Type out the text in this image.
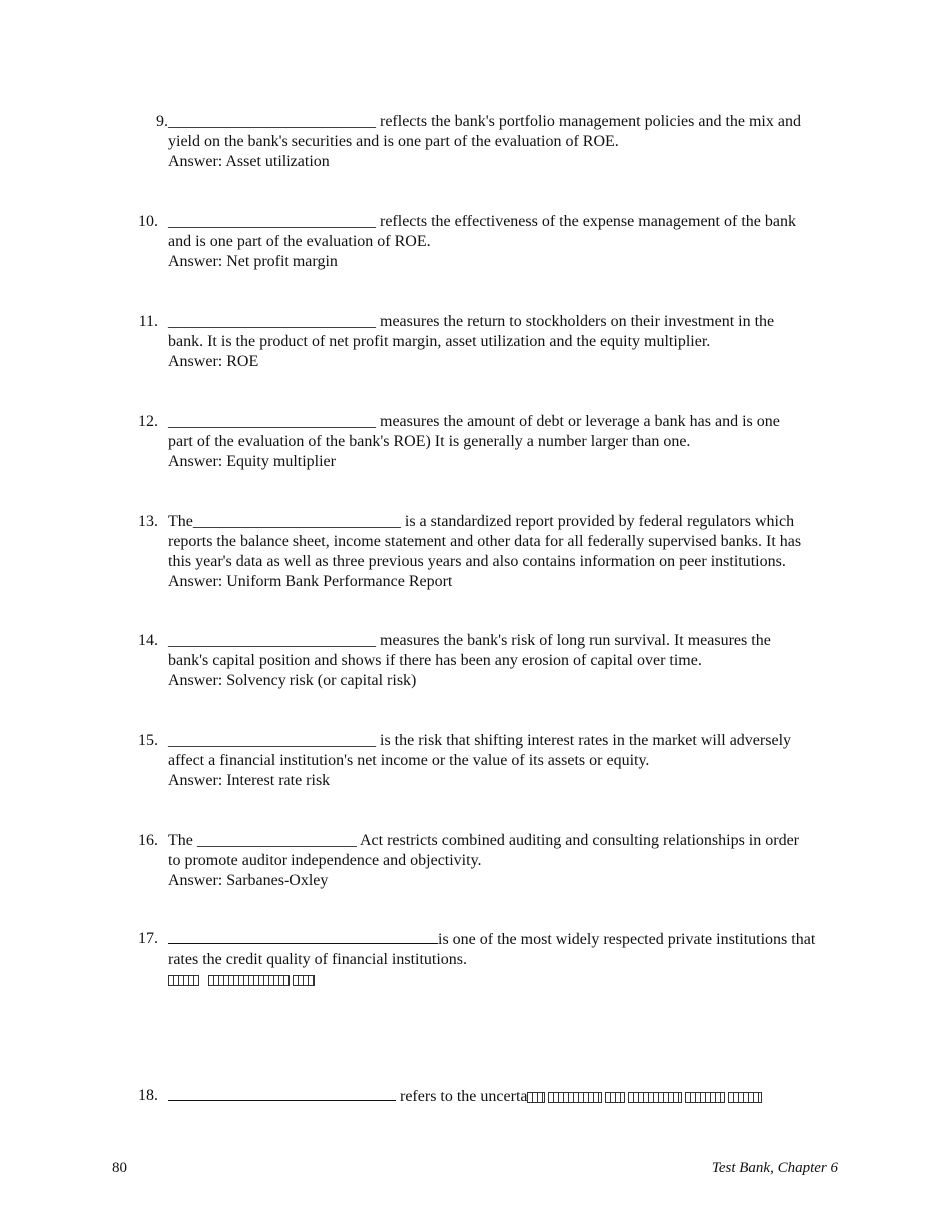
9. __________________________ reflects the bank's portfolio management policies and the mix and
yield on the bank's securities and is one part of the evaluation of ROE.
Answer: Asset utilization
10. __________________________ reflects the effectiveness of the expense management of the bank
and is one part of the evaluation of ROE.
Answer: Net profit margin
11. __________________________ measures the return to stockholders on their investment in the
bank. It is the product of net profit margin, asset utilization and the equity multiplier.
Answer: ROE
12. __________________________ measures the amount of debt or leverage a bank has and is one
part of the evaluation of the bank's ROE) It is generally a number larger than one.
Answer: Equity multiplier
13. The__________________________ is a standardized report provided by federal regulators which
reports the balance sheet, income statement and other data for all federally supervised banks. It has
this year's data as well as three previous years and also contains information on peer institutions.
Answer: Uniform Bank Performance Report
14. __________________________ measures the bank's risk of long run survival. It measures the
bank's capital position and shows if there has been any erosion of capital over time.
Answer: Solvency risk (or capital risk)
15. __________________________ is the risk that shifting interest rates in the market will adversely
affect a financial institution's net income or the value of its assets or equity.
Answer: Interest rate risk
16. The ____________________ Act restricts combined auditing and consulting relationships in order
to promote auditor independence and objectivity.
Answer: Sarbanes-Oxley
17.	is one of the most widely respected private institutions that
rates the credit quality of financial institutions.
18.	refers to the uncerta
80	Test Bank, Chapter 6
